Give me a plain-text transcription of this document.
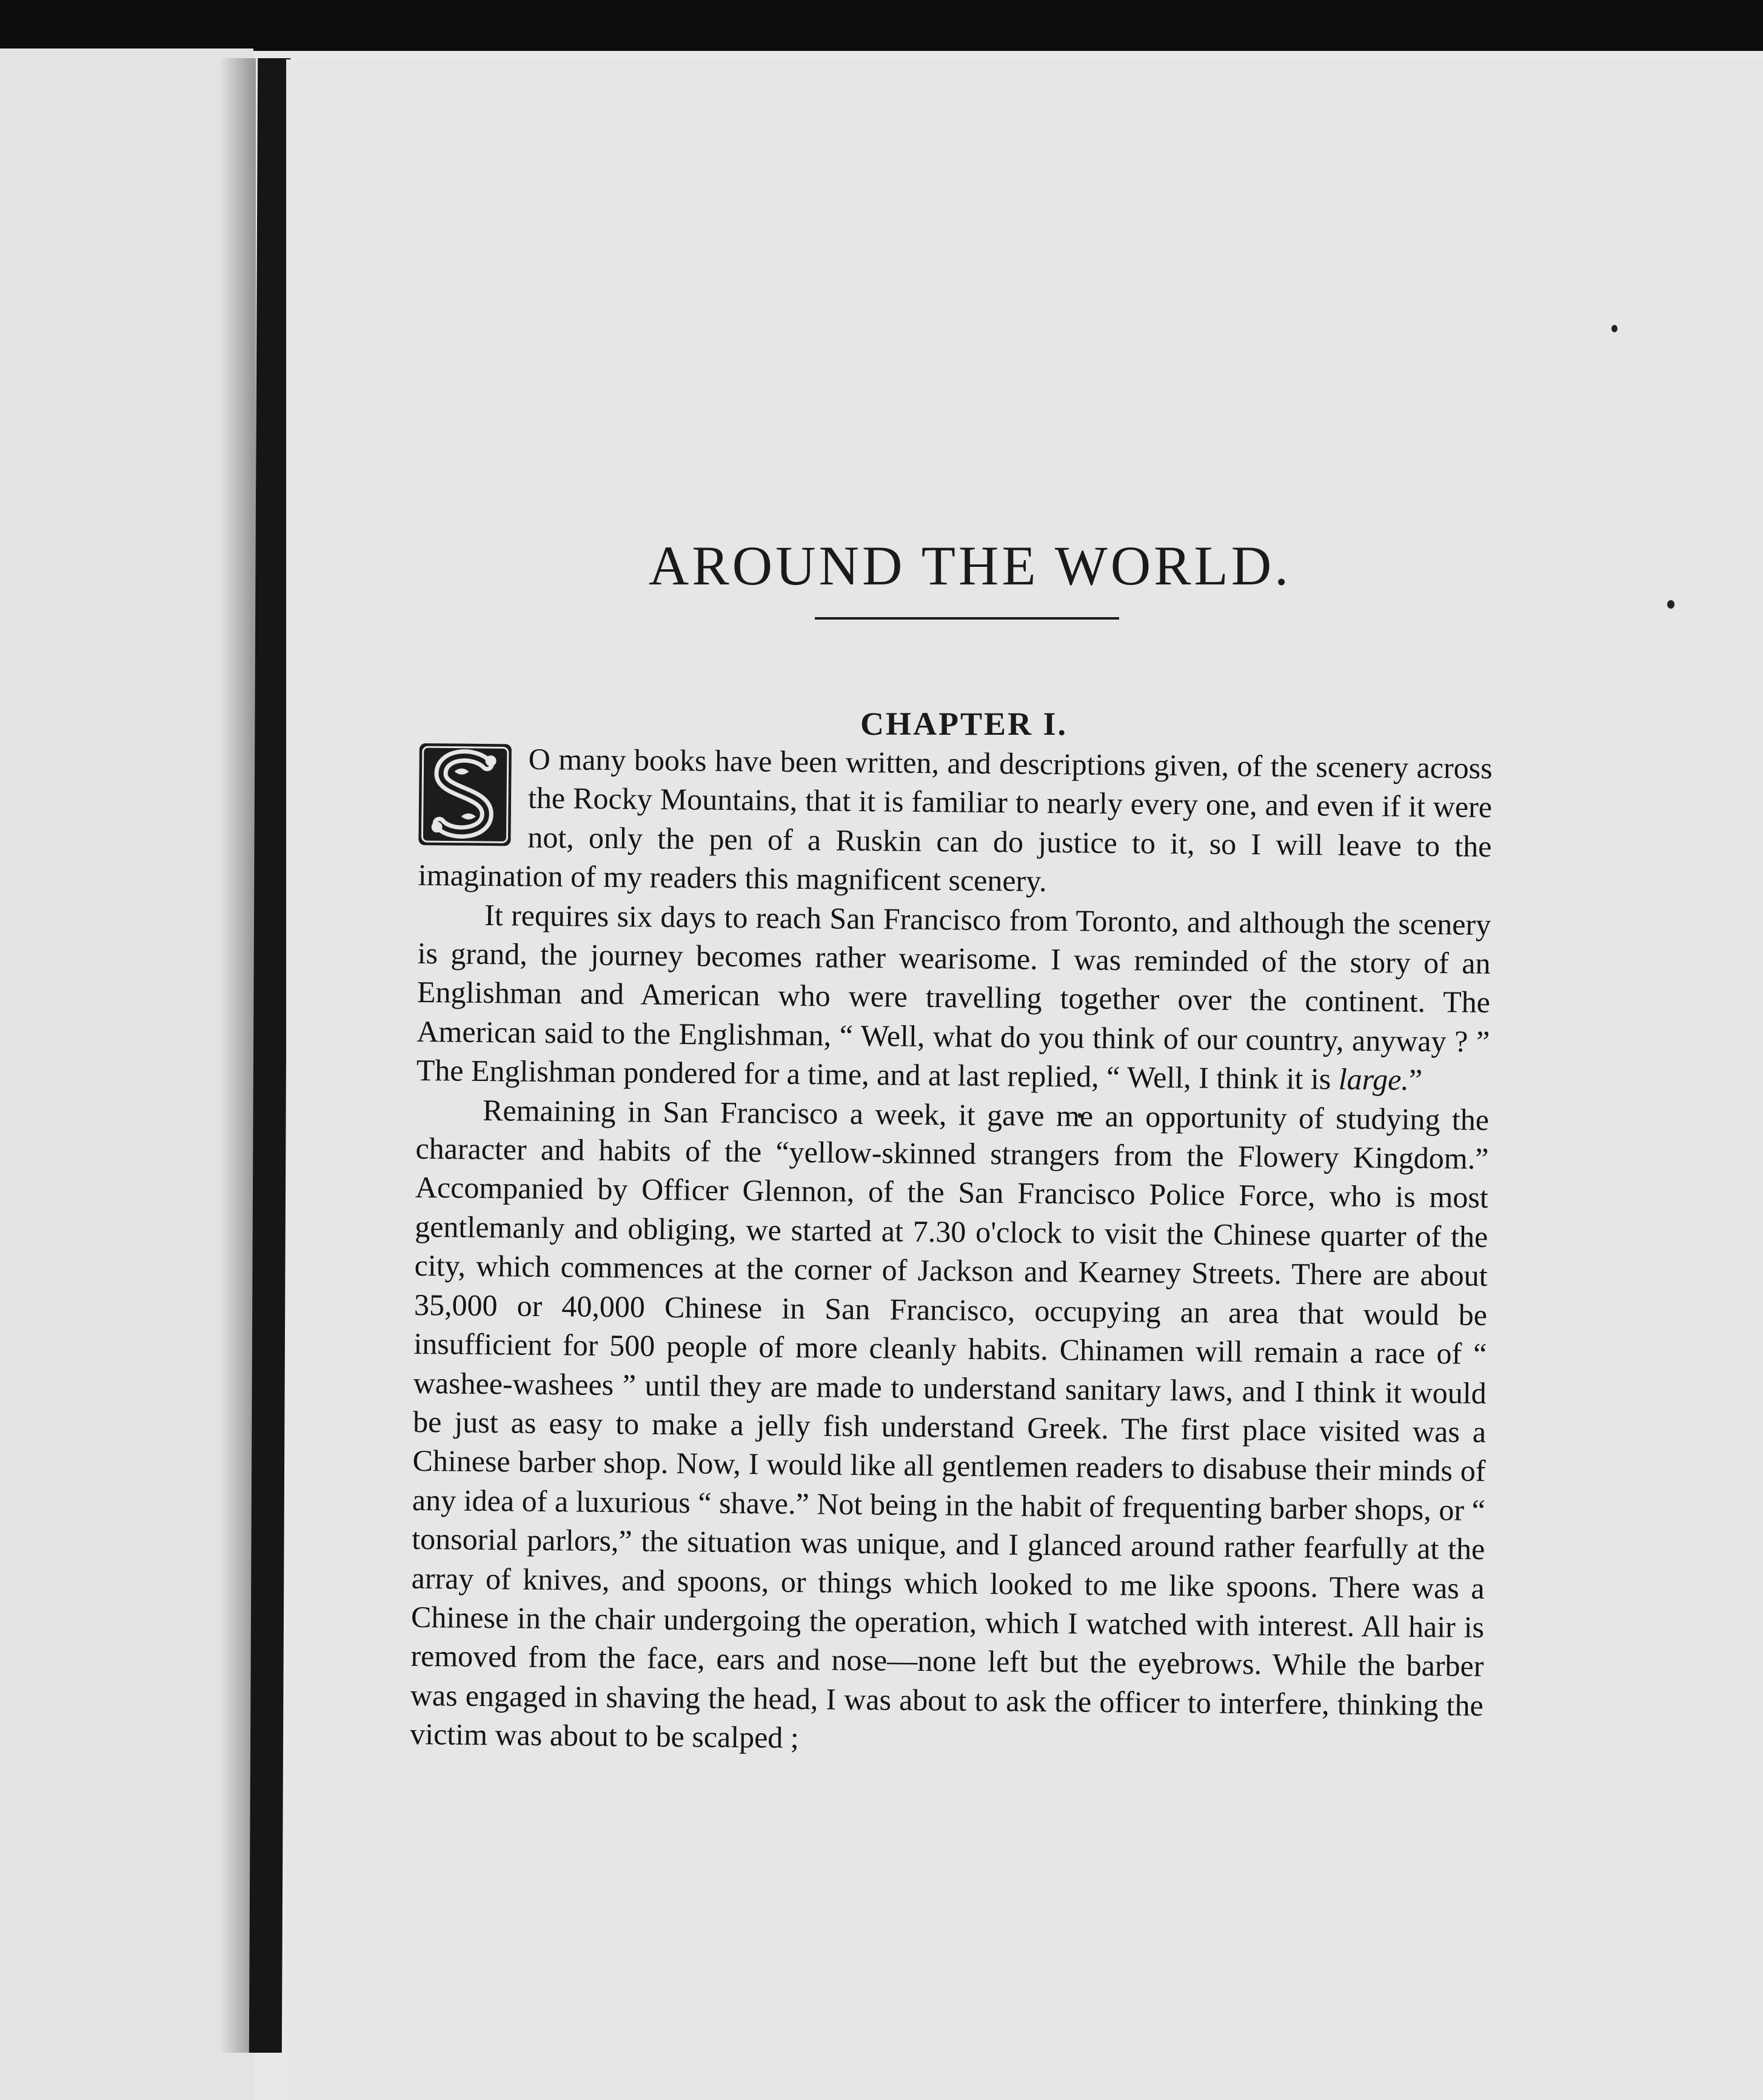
AROUND THE WORLD.
CHAPTER I.

O many books have been written, and descriptions given, of the scenery across the Rocky Mountains, that it is familiar to nearly every one, and even if it were not, only the pen of a Ruskin can do justice to it, so I will leave to the imagination of my readers this magnificent scenery.

It requires six days to reach San Francisco from Toronto, and although the scenery is grand, the journey becomes rather wearisome. I was reminded of the story of an Englishman and American who were travelling together over the continent. The American said to the Englishman, “ Well, what do you think of our country, anyway ? ” The Englishman pondered for a time, and at last replied, “ Well, I think it is large.”

Remaining in San Francisco a week, it gave me an opportunity of studying the character and habits of the “yellow-skinned strangers from the Flowery Kingdom.” Accompanied by Officer Glennon, of the San Francisco Police Force, who is most gentlemanly and obliging, we started at 7.30 o'clock to visit the Chinese quarter of the city, which commences at the corner of Jackson and Kearney Streets. There are about 35,000 or 40,000 Chinese in San Francisco, occupying an area that would be insufficient for 500 people of more cleanly habits. Chinamen will remain a race of “ washee-washees ” until they are made to understand sanitary laws, and I think it would be just as easy to make a jelly fish understand Greek. The first place visited was a Chinese barber shop. Now, I would like all gentlemen readers to disabuse their minds of any idea of a luxurious “ shave.” Not being in the habit of frequenting barber shops, or “ tonsorial parlors,” the situation was unique, and I glanced around rather fearfully at the array of knives, and spoons, or things which looked to me like spoons. There was a Chinese in the chair undergoing the operation, which I watched with interest. All hair is removed from the face, ears and nose—none left but the eyebrows. While the barber was engaged in shaving the head, I was about to ask the officer to interfere, thinking the victim was about to be scalped ;
